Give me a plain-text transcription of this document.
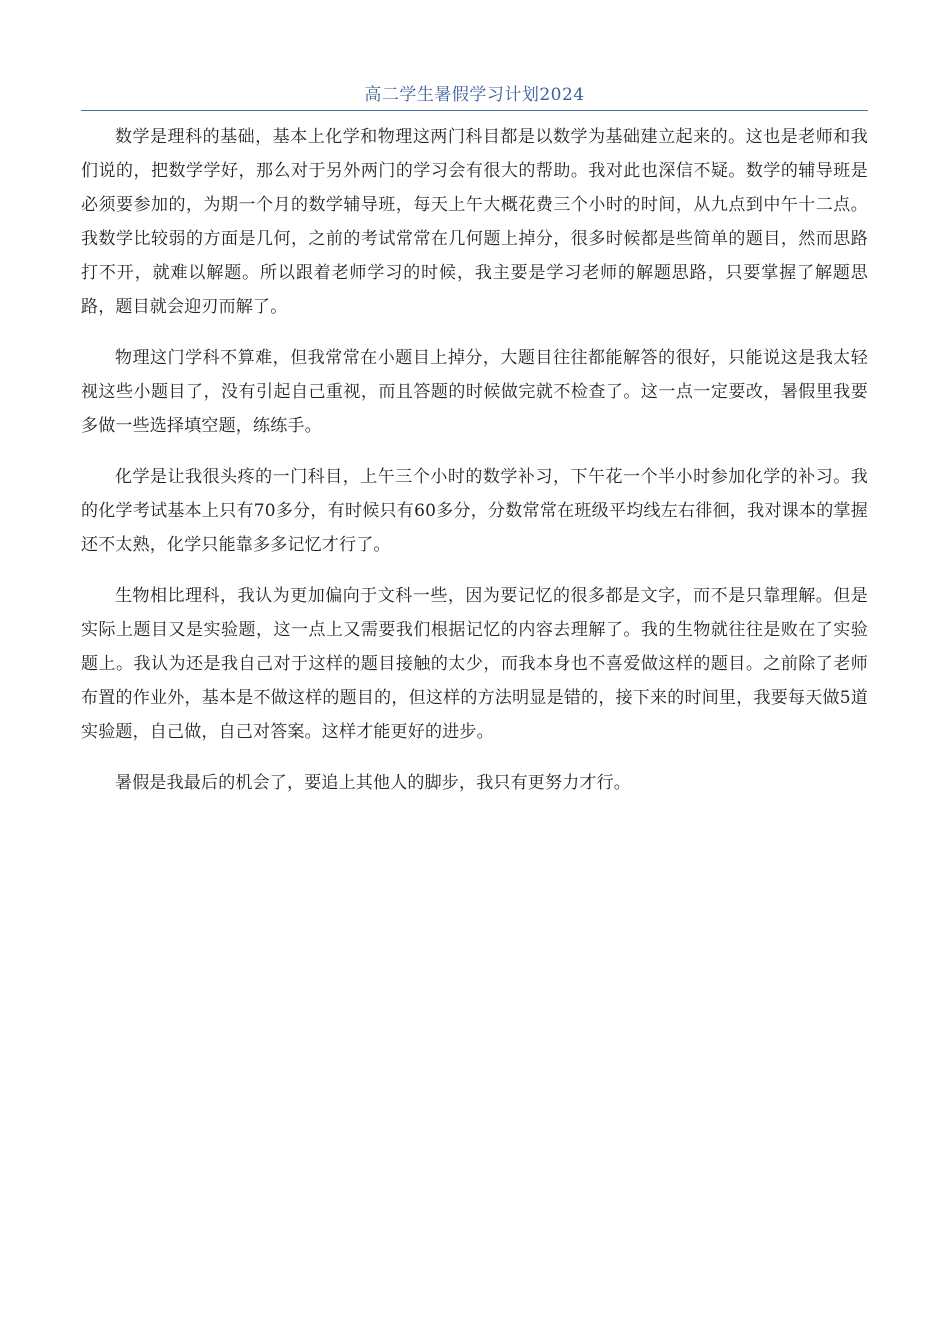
高二学生暑假学习计划2024

数学是理科的基础，基本上化学和物理这两门科目都是以数学为基础建立起来的。这也是老师和我们说的，把数学学好，那么对于另外两门的学习会有很大的帮助。我对此也深信不疑。数学的辅导班是必须要参加的，为期一个月的数学辅导班，每天上午大概花费三个小时的时间，从九点到中午十二点。我数学比较弱的方面是几何，之前的考试常常在几何题上掉分，很多时候都是些简单的题目，然而思路打不开，就难以解题。所以跟着老师学习的时候，我主要是学习老师的解题思路，只要掌握了解题思路，题目就会迎刃而解了。

物理这门学科不算难，但我常常在小题目上掉分，大题目往往都能解答的很好，只能说这是我太轻视这些小题目了，没有引起自己重视，而且答题的时候做完就不检查了。这一点一定要改，暑假里我要多做一些选择填空题，练练手。

化学是让我很头疼的一门科目，上午三个小时的数学补习，下午花一个半小时参加化学的补习。我的化学考试基本上只有70多分，有时候只有60多分，分数常常在班级平均线左右徘徊，我对课本的掌握还不太熟，化学只能靠多多记忆才行了。

生物相比理科，我认为更加偏向于文科一些，因为要记忆的很多都是文字，而不是只靠理解。但是实际上题目又是实验题，这一点上又需要我们根据记忆的内容去理解了。我的生物就往往是败在了实验题上。我认为还是我自己对于这样的题目接触的太少，而我本身也不喜爱做这样的题目。之前除了老师布置的作业外，基本是不做这样的题目的，但这样的方法明显是错的，接下来的时间里，我要每天做5道实验题，自己做，自己对答案。这样才能更好的进步。

暑假是我最后的机会了，要追上其他人的脚步，我只有更努力才行。
